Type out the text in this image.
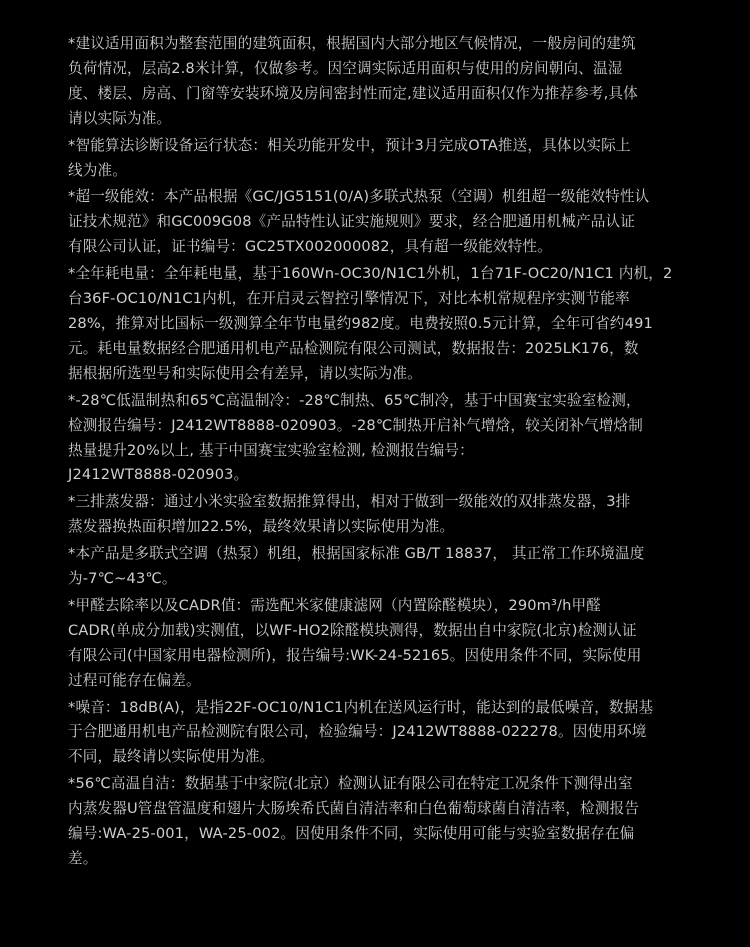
*建议适用面积为整套范围的建筑面积，根据国内大部分地区气候情况，一般房间的建筑
负荷情况，层高2.8米计算，仅做参考。因空调实际适用面积与使用的房间朝向、温湿
度、楼层、房高、门窗等安装环境及房间密封性而定,建议适用面积仅作为推荐参考,具体
请以实际为准。
*智能算法诊断设备运行状态：相关功能开发中，预计3月完成OTA推送，具体以实际上
线为准。
*超一级能效：本产品根据《GC/JG5151(0/A)多联式热泵（空调）机组超一级能效特性认
证技术规范》和GC009G08《产品特性认证实施规则》要求，经合肥通用机械产品认证
有限公司认证，证书编号：GC25TX002000082，具有超一级能效特性。
*全年耗电量：全年耗电量，基于160Wn-OC30/N1C1外机，1台71F-OC20/N1C1 内机，2
台36F-OC10/N1C1内机，在开启灵云智控引擎情况下，对比本机常规程序实测节能率
28%，推算对比国标一级测算全年节电量约982度。电费按照0.5元计算，全年可省约491
元。耗电量数据经合肥通用机电产品检测院有限公司测试，数据报告：2025LK176，数
据根据所选型号和实际使用会有差异，请以实际为准。
*-28℃低温制热和65℃高温制冷：-28℃制热、65℃制冷，基于中国赛宝实验室检测，
检测报告编号：J2412WT8888-020903。-28℃制热开启补气增焓，较关闭补气增焓制
热量提升20%以上, 基于中国赛宝实验室检测, 检测报告编号：
J2412WT8888-020903。
*三排蒸发器：通过小米实验室数据推算得出，相对于做到一级能效的双排蒸发器，3排
蒸发器换热面积增加22.5%，最终效果请以实际使用为准。
*本产品是多联式空调（热泵）机组，根据国家标准 GB/T 18837， 其正常工作环境温度
为-7℃~43℃。
*甲醛去除率以及CADR值：需选配米家健康滤网（内置除醛模块），290m³/h甲醛
CADR(单成分加载)实测值，以WF-HO2除醛模块测得，数据出自中家院(北京)检测认证
有限公司(中国家用电器检测所)，报告编号:WK-24-52165。因使用条件不同，实际使用
过程可能存在偏差。
*噪音：18dB(A)，是指22F-OC10/N1C1内机在送风运行时，能达到的最低噪音，数据基
于合肥通用机电产品检测院有限公司，检验编号：J2412WT8888-022278。因使用环境
不同，最终请以实际使用为准。
*56℃高温自洁：数据基于中家院(北京）检测认证有限公司在特定工况条件下测得出室
内蒸发器U管盘管温度和翅片大肠埃希氏菌自清洁率和白色葡萄球菌自清洁率，检测报告
编号:WA-25-001，WA-25-002。因使用条件不同，实际使用可能与实验室数据存在偏
差。
